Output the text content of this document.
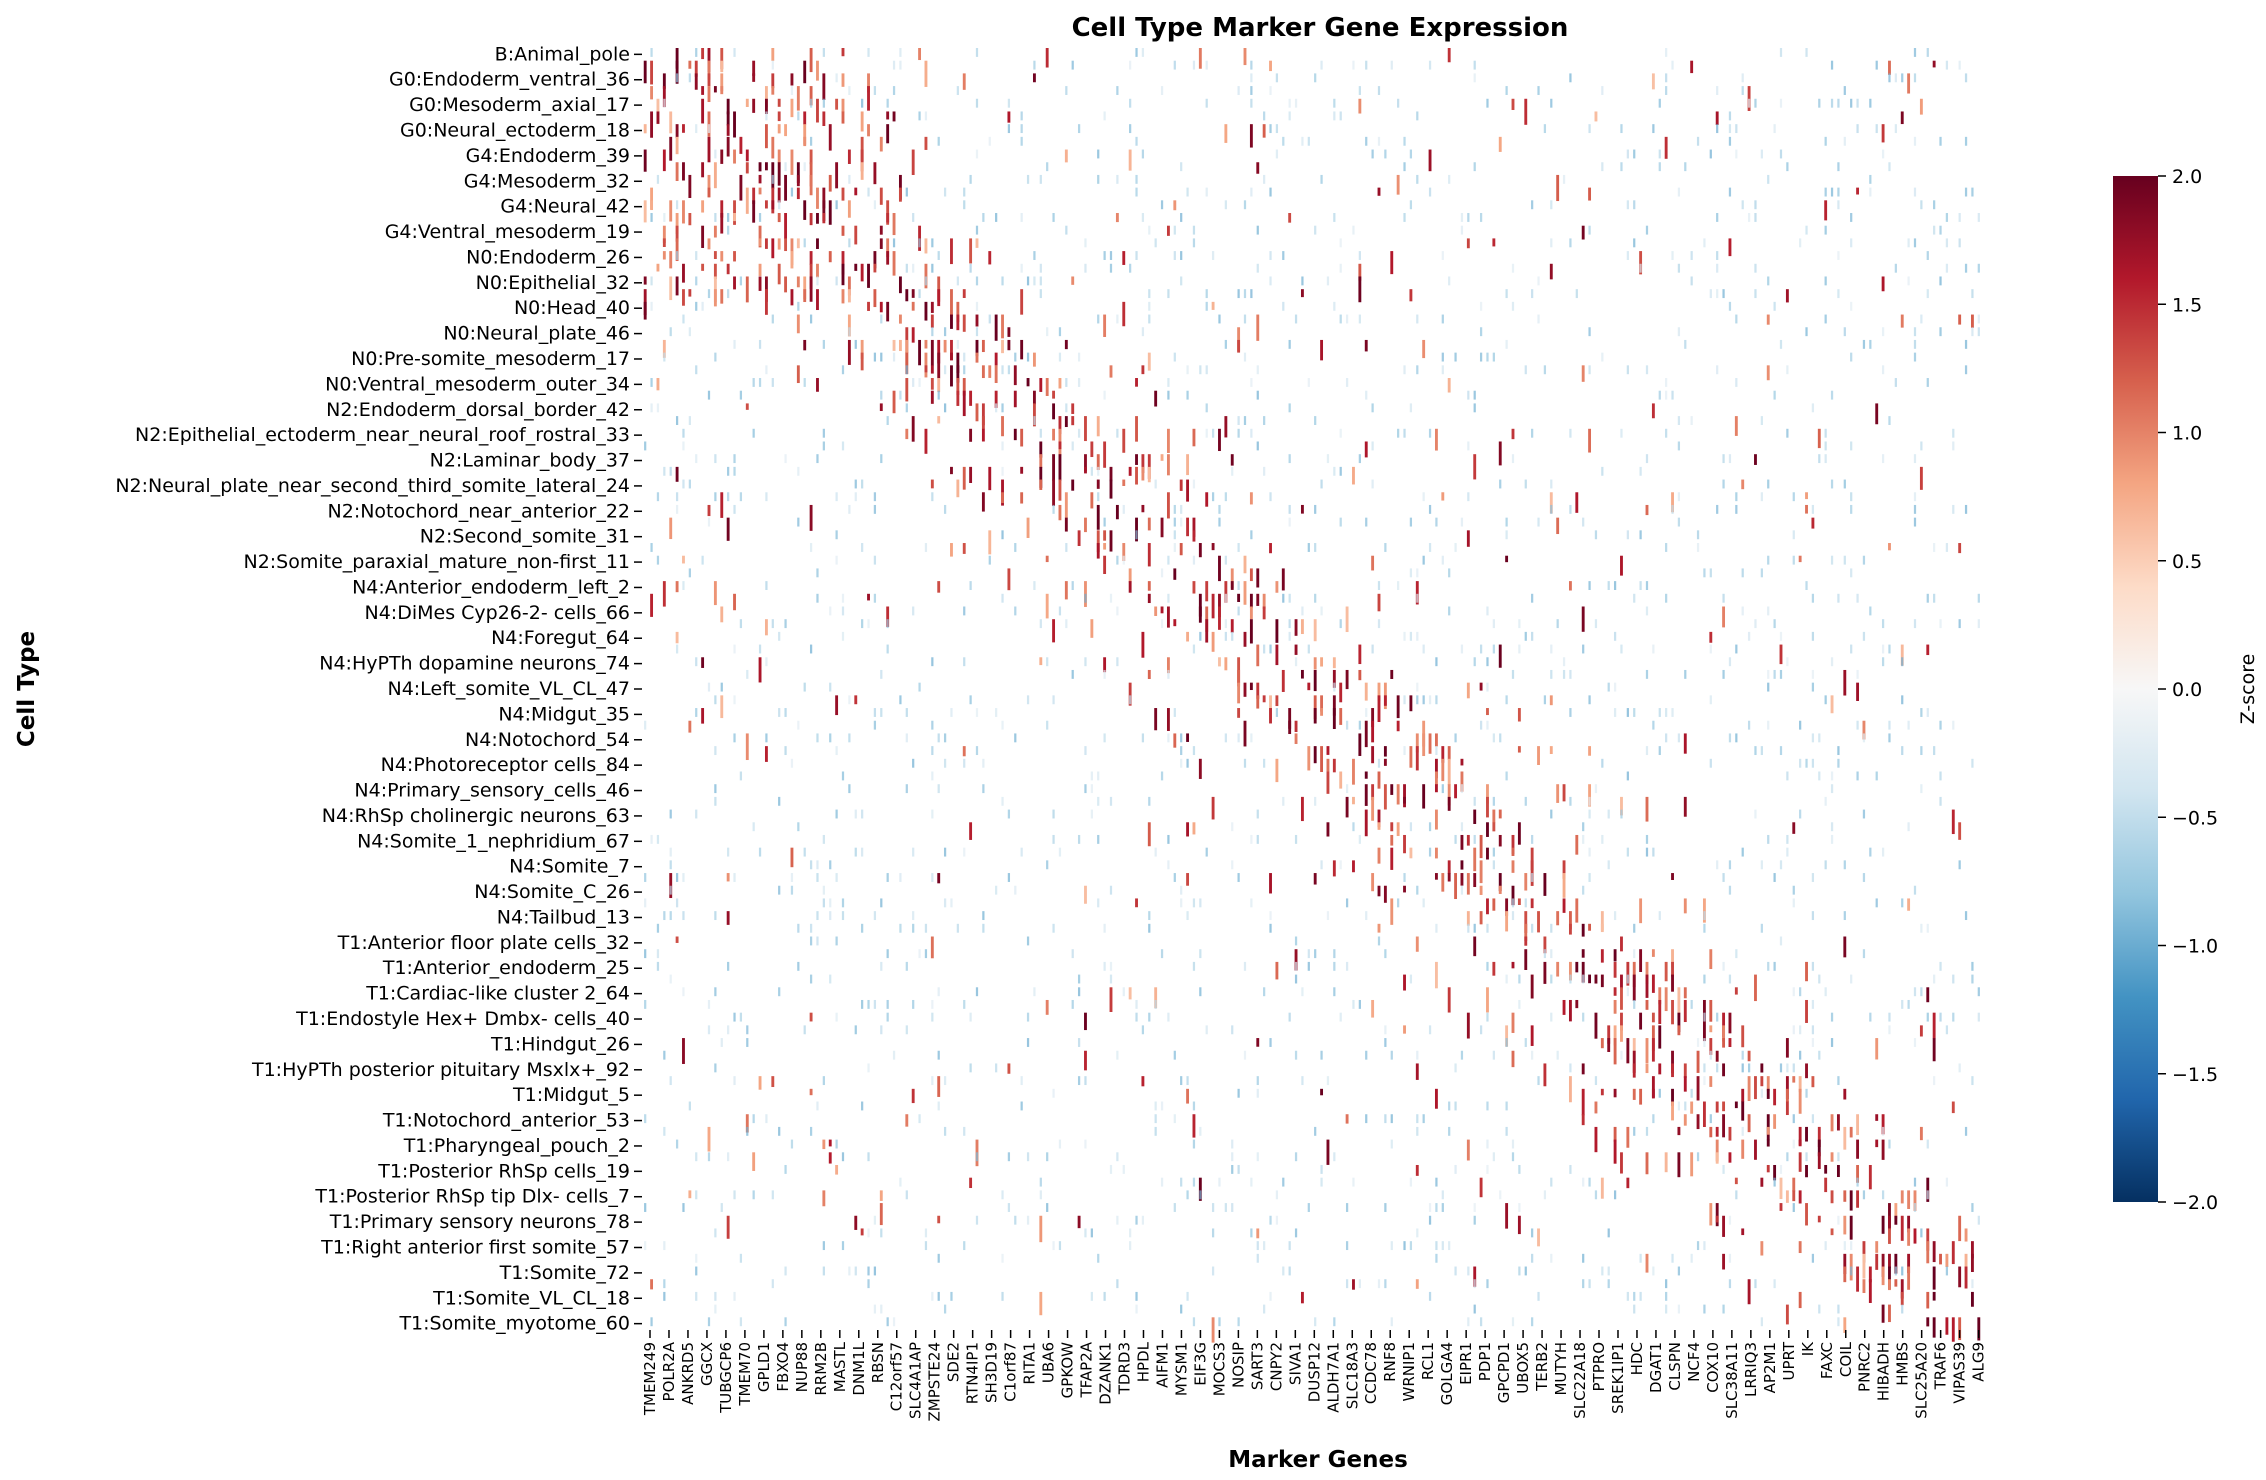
Cell Type Marker Gene Expression
B:Animal_pole
G0:Endoderm_ventral_36
G0:Mesoderm_axial_17
G0:Neural_ectoderm_18
G4:Endoderm_39
G4:Mesoderm_32
G4:Neural_42
G4:Ventral_mesoderm_19
N0:Endoderm_26
N0:Epithelial_32
N0:Head_40
N0:Neural_plate_46
N0:Pre-somite_mesoderm_17
N0:Ventral_mesoderm_outer_34
N2:Endoderm_dorsal_border_42
N2:Epithelial_ectoderm_near_neural_roof_rostral_33
N2:Laminar_body_37
N2:Neural_plate_near_second_third_somite_lateral_24
N2:Notochord_near_anterior_22
N2:Second_somite_31
N2:Somite_paraxial_mature_non-first_11
N4:Anterior_endoderm_left_2
N4:DiMes Cyp26-2- cells_66
N4:Foregut_64
N4:HyPTh dopamine neurons_74
N4:Left_somite_VL_CL_47
N4:Midgut_35
N4:Notochord_54
N4:Photoreceptor cells_84
N4:Primary_sensory_cells_46
N4:RhSp cholinergic neurons_63
N4:Somite_1_nephridium_67
N4:Somite_7
N4:Somite_C_26
N4:Tailbud_13
T1:Anterior floor plate cells_32
T1:Anterior_endoderm_25
T1:Cardiac-like cluster 2_64
T1:Endostyle Hex+ Dmbx- cells_40
T1:Hindgut_26
T1:HyPTh posterior pituitary Msxlx+_92
T1:Midgut_5
T1:Notochord_anterior_53
T1:Pharyngeal_pouch_2
T1:Posterior RhSp cells_19
T1:Posterior RhSp tip Dlx- cells_7
T1:Primary sensory neurons_78
T1:Right anterior first somite_57
T1:Somite_72
T1:Somite_VL_CL_18
T1:Somite_myotome_60
TMEM249 POLR2A ANKRD5 GGCX TUBGCP6 TMEM70 GPLD1 FBXO4 NUP88 RRM2B MASTL DNM1L RBSN C12orf57 SLC4A1AP ZMPSTE24 SDE2 RTN4IP1 SH3D19 C1orf87 RITA1 UBA6 GPKOW TFAP2A DZANK1 TDRD3 HPDL AIFM1 MYSM1 EIF3G MOCS3 NOSIP SART3 CNPY2 SIVA1 DUSP12 ALDH7A1 SLC18A3 CCDC78 RNF8 WRNIP1 RCL1 GOLGA4 EIPR1 PDP1 GPCPD1 UBOX5 TERB2 MUTYH SLC22A18 PTPRO SREK1IP1 HDC DGAT1 CLSPN NCF4 COX10 SLC38A11 LRRIQ3 AP2M1 UPRT IK FAXC COIL PNRC2 HIBADH HMBS SLC25A20 TRAF6 VIPAS39 ALG9
Cell Type
Marker Genes
2.0
1.5
1.0
0.5
0.0
−0.5
−1.0
−1.5
−2.0
Z-score
